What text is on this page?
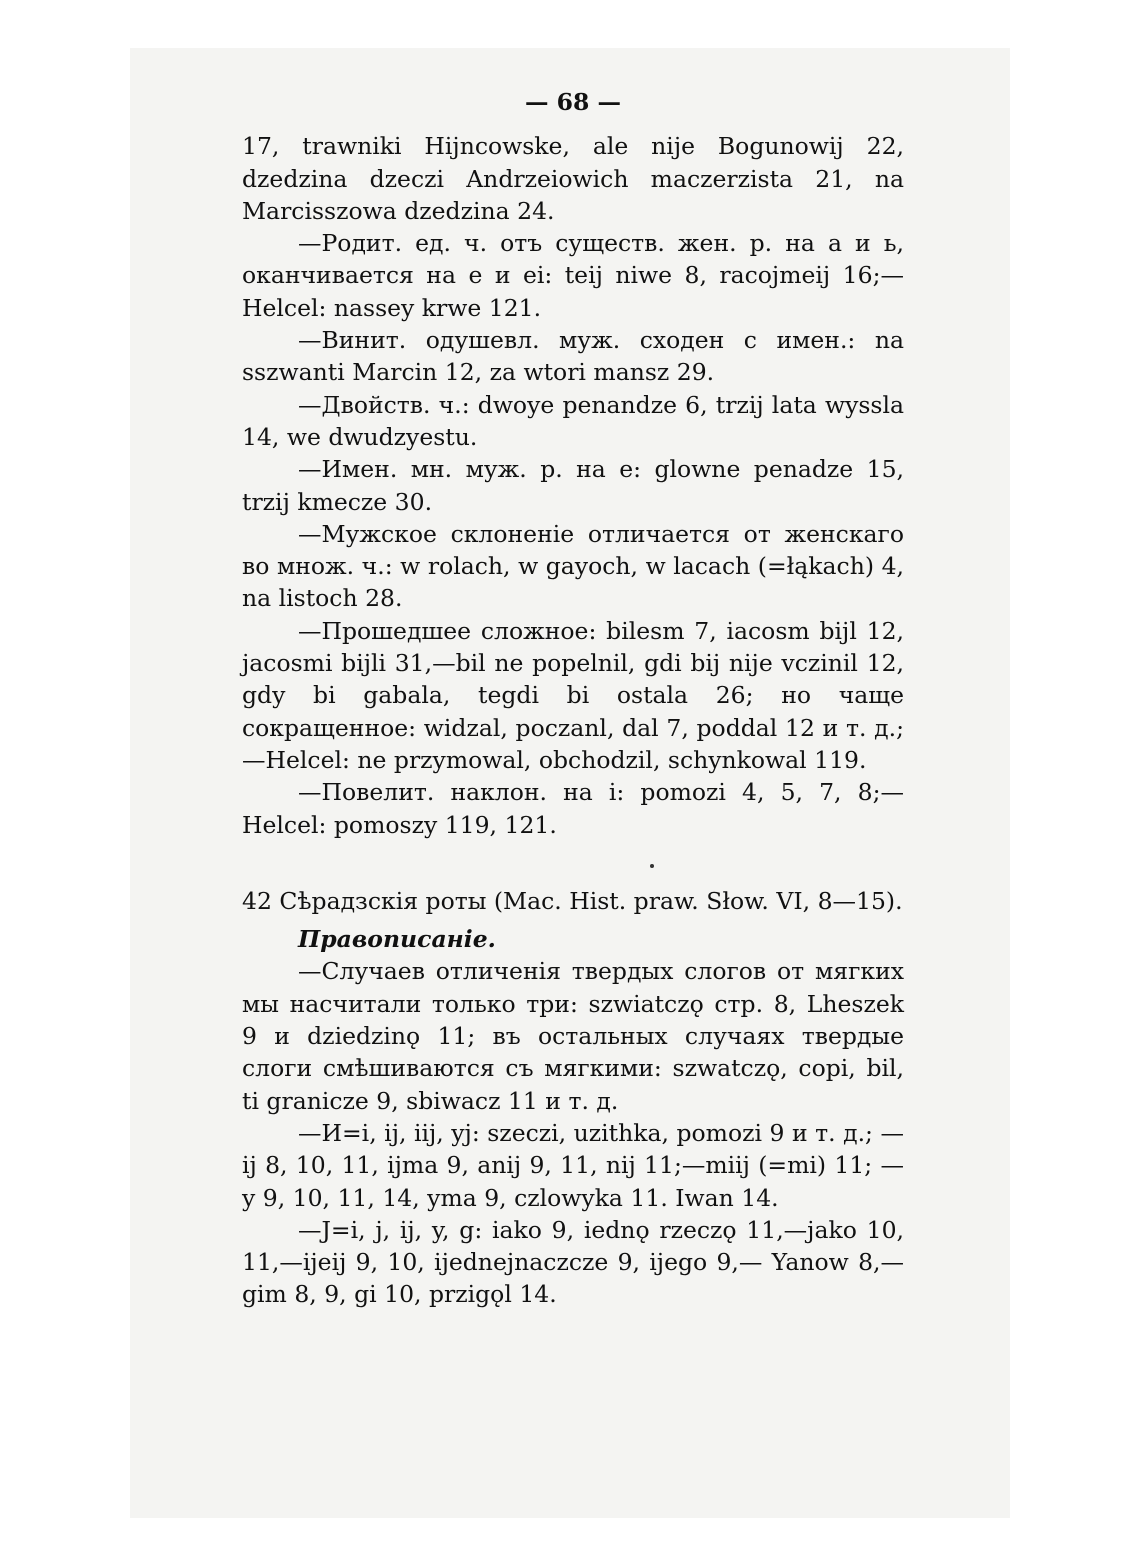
— 68 —

17, trawniki Hijncowske, ale nije Bogunowij 22, dzedzina dzeczi Andrzeiowich maczerzista 21, na Marcisszowa dzedzina 24.

—Родит. ед. ч. отъ существ. жен. р. на a и ь, оканчивается на e и ei: teij niwe 8, racojmeij 16;—Helcel: nassey krwe 121.

—Винит. одушевл. муж. сходен с имен.: na sszwanti Marcin 12, za wtori mansz 29.

—Двойств. ч.: dwoye penandze 6, trzij lata wyssla 14, we dwudzyestu.

—Имен. мн. муж. р. на e: glowne penadze 15, trzij kmecze 30.

—Мужское склоненіе отличается от женскаго во множ. ч.: w rolach, w gayoch, w lacach (=łąkach) 4, na listoch 28.

—Прошедшее сложное: bilesm 7, iacosm bijl 12, jacosmi bijli 31,—bil ne popelnil, gdi bij nije vczinil 12, gdy bi gabala, tegdi bi ostala 26; но чаще сокращенное: widzal, poczanl, dal 7, poddal 12 и т. д.;—Helcel: ne przymowal, obchodzil, schynkowal 119.

—Повелит. наклон. на i: pomozi 4, 5, 7, 8;—Helcel: pomoszy 119, 121.

42 Сѣрадзскія роты (Mac. Hist. praw. Słow. VI, 8—15).

Правописаніе.

—Случаев отличенія твердых слогов от мягких мы насчитали только три: szwiatczǫ стр. 8, Lheszek 9 и dziedzinǫ 11; въ остальных случаях твердые слоги смѣшиваются съ мягкими: szwatczǫ, copi, bil, ti granicze 9, sbiwacz 11 и т. д.

—И=i, ij, iij, yj: szeczi, uzithka, pomozi 9 и т. д.; —ij 8, 10, 11, ijma 9, anij 9, 11, nij 11;—miij (=mi) 11; —y 9, 10, 11, 14, yma 9, czlowyka 11. Iwan 14.

—J=i, j, ij, y, g: iako 9, iednǫ rzeczǫ 11,—jako 10, 11,—ijeij 9, 10, ijednejnaczcze 9, ijego 9,— Yanow 8,—gim 8, 9, gi 10, przigǫl 14.
